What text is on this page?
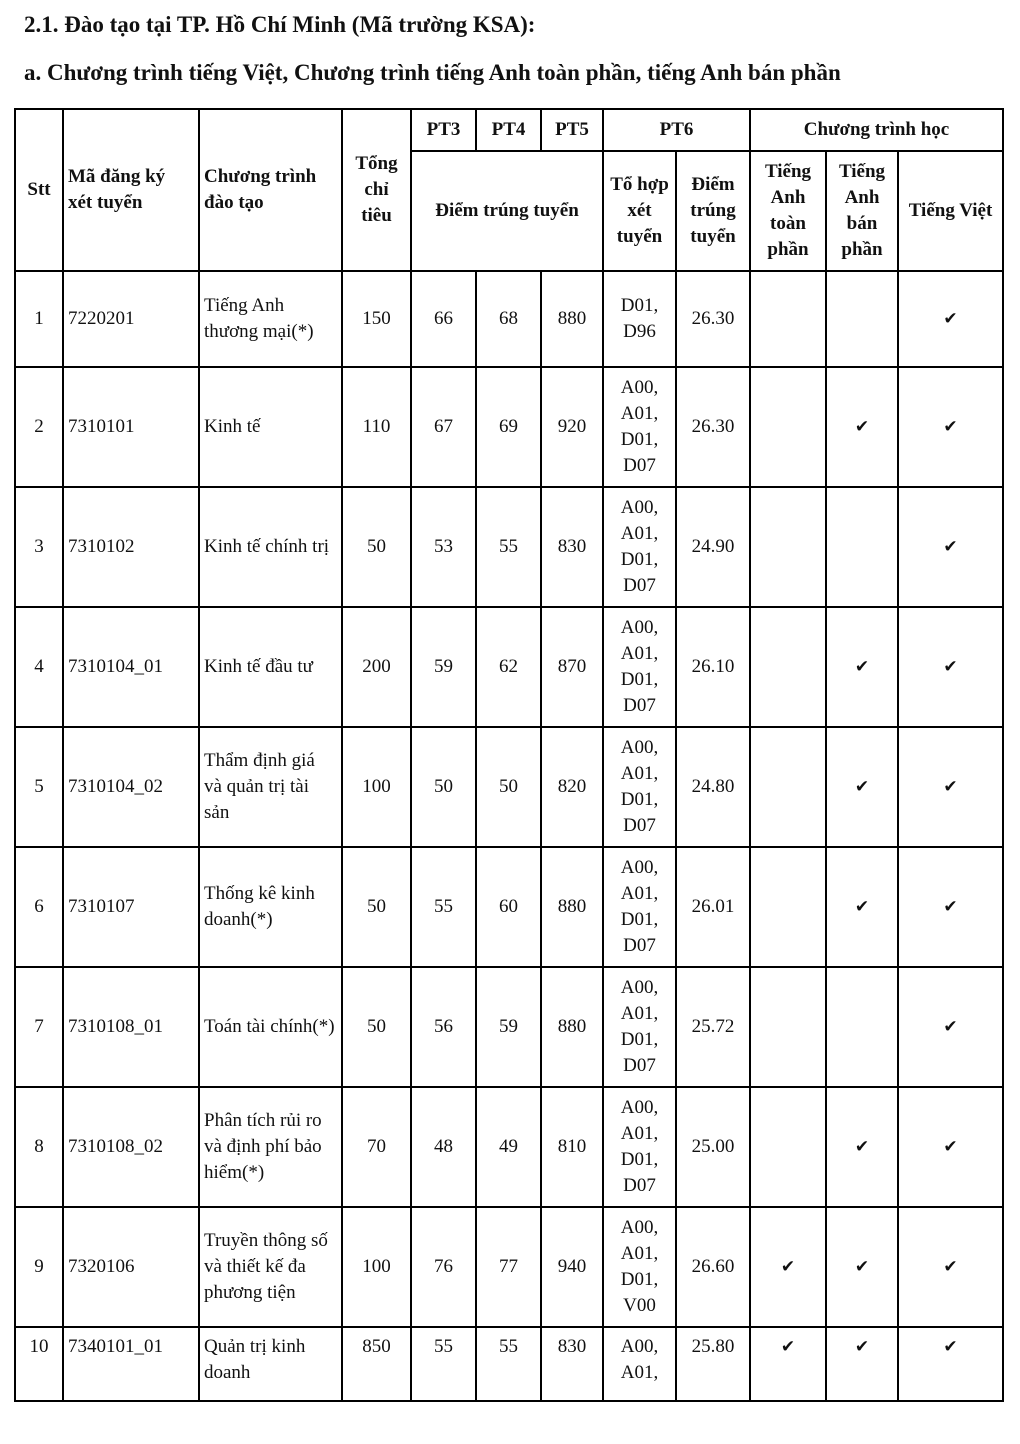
2.1. Đào tạo tại TP. Hồ Chí Minh (Mã trường KSA):
a. Chương trình tiếng Việt, Chương trình tiếng Anh toàn phần, tiếng Anh bán phần
Stt	Mã đăng ký xét tuyển	Chương trình đào tạo	Tổng chỉ tiêu	PT3	PT4	PT5	PT6		Chương trình học		
				Điểm trúng tuyển			Tổ hợp xét tuyển	Điểm trúng tuyển	Tiếng Anh toàn phần	Tiếng Anh bán phần	Tiếng Việt
1	7220201	Tiếng Anh thương mại(*)	150	66	68	880	D01, D96	26.30			✔
2	7310101	Kinh tế	110	67	69	920	A00, A01, D01, D07	26.30		✔	✔
3	7310102	Kinh tế chính trị	50	53	55	830	A00, A01, D01, D07	24.90			✔
4	7310104_01	Kinh tế đầu tư	200	59	62	870	A00, A01, D01, D07	26.10		✔	✔
5	7310104_02	Thẩm định giá và quản trị tài sản	100	50	50	820	A00, A01, D01, D07	24.80		✔	✔
6	7310107	Thống kê kinh doanh(*)	50	55	60	880	A00, A01, D01, D07	26.01		✔	✔
7	7310108_01	Toán tài chính(*)	50	56	59	880	A00, A01, D01, D07	25.72			✔
8	7310108_02	Phân tích rủi ro và định phí bảo hiểm(*)	70	48	49	810	A00, A01, D01, D07	25.00		✔	✔
9	7320106	Truyền thông số và thiết kế đa phương tiện	100	76	77	940	A00, A01, D01, V00	26.60	✔	✔	✔
10	7340101_01	Quản trị kinh doanh	850	55	55	830	A00, A01,	25.80	✔	✔	✔
